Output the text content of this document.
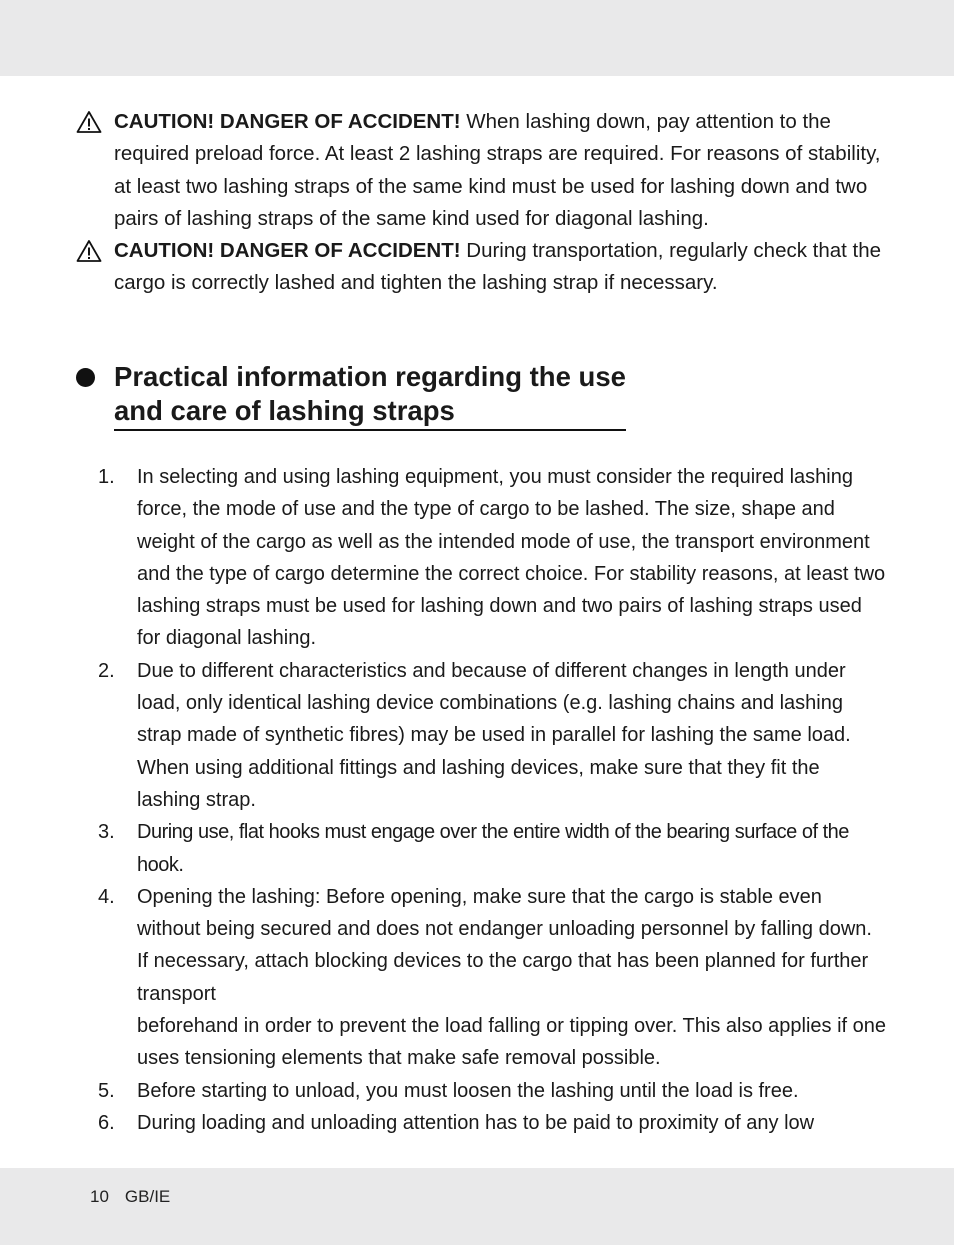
CAUTION! DANGER OF ACCIDENT! When lashing down, pay attention to the required preload force. At least 2 lashing straps are required. For reasons of stability, at least two lashing straps of the same kind must be used for lashing down and two pairs of lashing straps of the same kind used for diagonal lashing.
CAUTION! DANGER OF ACCIDENT! During transportation, regularly check that the cargo is correctly lashed and tighten the lashing strap if necessary.
Practical information regarding the use
and care of lashing straps
1. In selecting and using lashing equipment, you must consider the required lashing force, the mode of use and the type of cargo to be lashed. The size, shape and weight of the cargo as well as the intended mode of use, the transport environment and the type of cargo determine the correct choice. For stability reasons, at least two lashing straps must be used for lashing down and two pairs of lashing straps used for diagonal lashing.
2. Due to different characteristics and because of different changes in length under load, only identical lashing device combinations (e.g. lashing chains and lashing strap made of synthetic fibres) may be used in parallel for lashing the same load. When using additional fittings and lashing devices, make sure that they fit the lashing strap.
3. During use, flat hooks must engage over the entire width of the bearing surface of the hook.
4. Opening the lashing: Before opening, make sure that the cargo is stable even without being secured and does not endanger unloading personnel by falling down. If necessary, attach blocking devices to the cargo that has been planned for further transport
beforehand in order to prevent the load falling or tipping over. This also applies if one uses tensioning elements that make safe removal possible.
5. Before starting to unload, you must loosen the lashing until the load is free.
6. During loading and unloading attention has to be paid to proximity of any low
10 GB/IE
